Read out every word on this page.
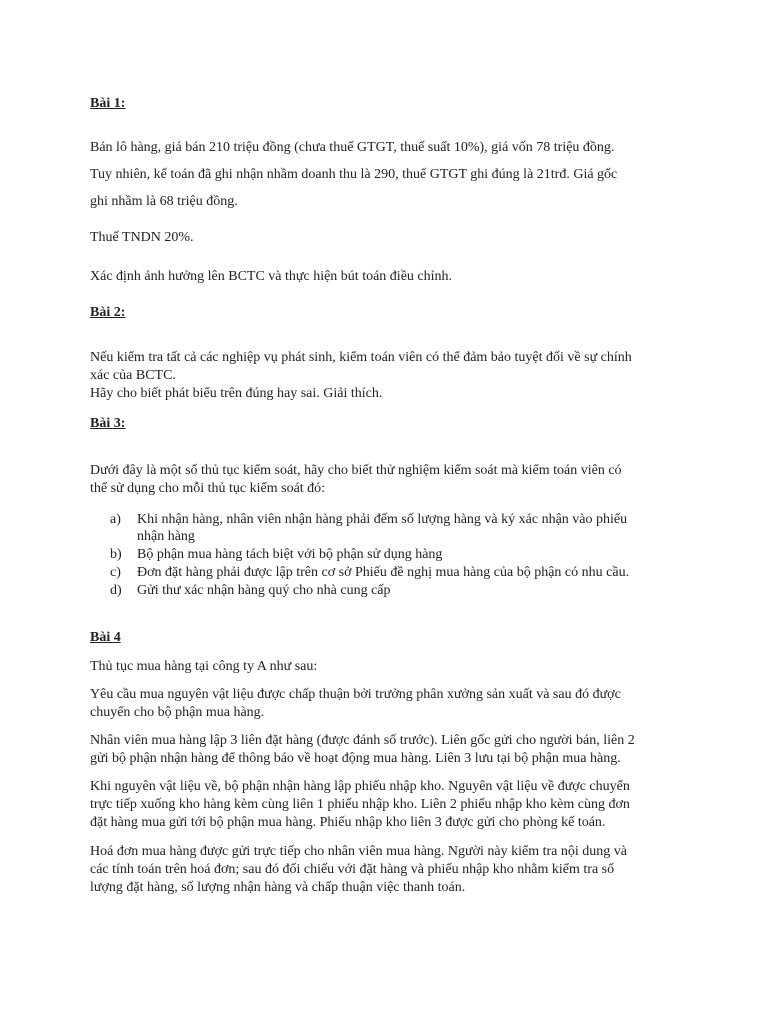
Bài 1:
Bán lô hàng, giá bán 210 triệu đồng (chưa thuế GTGT, thuế suất 10%), giá vốn 78 triệu đồng.
Tuy nhiên, kế toán đã ghi nhận nhầm doanh thu là 290, thuế GTGT ghi đúng là 21trđ. Giá gốc
ghi nhầm là 68 triệu đồng.
Thuế TNDN 20%.
Xác định ảnh hưởng lên BCTC và thực hiện bút toán điều chỉnh.
Bài 2:
Nếu kiểm tra tất cả các nghiệp vụ phát sinh, kiểm toán viên có thể đảm bảo tuyệt đối về sự chính
xác của BCTC.
Hãy cho biết phát biểu trên đúng hay sai. Giải thích.
Bài 3:
Dưới đây là một số thủ tục kiểm soát, hãy cho biết thử nghiệm kiểm soát mà kiểm toán viên có
thể sử dụng cho mỗi thủ tục kiểm soát đó:
a) Khi nhận hàng, nhân viên nhận hàng phải đếm số lượng hàng và ký xác nhận vào phiếu
nhận hàng
b) Bộ phận mua hàng tách biệt với bộ phận sử dụng hàng
c) Đơn đặt hàng phải được lập trên cơ sở Phiếu đề nghị mua hàng của bộ phận có nhu cầu.
d) Gửi thư xác nhận hàng quý cho nhà cung cấp
Bài 4
Thủ tục mua hàng tại công ty A như sau:
Yêu cầu mua nguyên vật liệu được chấp thuận bởi trưởng phân xưởng sản xuất và sau đó được
chuyển cho bộ phận mua hàng.
Nhân viên mua hàng lập 3 liên đặt hàng (được đánh số trước). Liên gốc gửi cho người bán, liên 2
gửi bộ phận nhận hàng để thông báo về hoạt động mua hàng. Liên 3 lưu tại bộ phận mua hàng.
Khi nguyên vật liệu về, bộ phận nhận hàng lập phiếu nhập kho. Nguyên vật liệu về được chuyển
trực tiếp xuống kho hàng kèm cùng liên 1 phiếu nhập kho. Liên 2 phiếu nhập kho kèm cùng đơn
đặt hàng mua gửi tới bộ phận mua hàng. Phiếu nhập kho liên 3 được gửi cho phòng kế toán.
Hoá đơn mua hàng được gửi trực tiếp cho nhân viên mua hàng. Người này kiểm tra nội dung và
các tính toán trên hoá đơn; sau đó đối chiếu với đặt hàng và phiếu nhập kho nhằm kiểm tra số
lượng đặt hàng, số lượng nhận hàng và chấp thuận việc thanh toán.
